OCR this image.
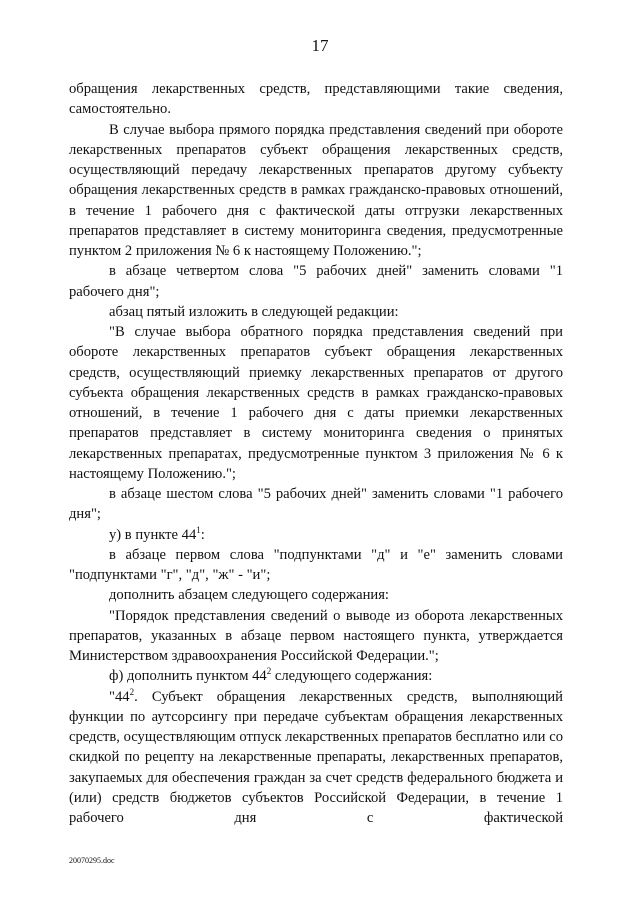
17

обращения лекарственных средств, представляющими такие сведения, самостоятельно.

В случае выбора прямого порядка представления сведений при обороте лекарственных препаратов субъект обращения лекарственных средств, осуществляющий передачу лекарственных препаратов другому субъекту обращения лекарственных средств в рамках гражданско-правовых отношений, в течение 1 рабочего дня с фактической даты отгрузки лекарственных препаратов представляет в систему мониторинга сведения, предусмотренные пунктом 2 приложения № 6 к настоящему Положению.";

в абзаце четвертом слова "5 рабочих дней" заменить словами "1 рабочего дня";

абзац пятый изложить в следующей редакции:

"В случае выбора обратного порядка представления сведений при обороте лекарственных препаратов субъект обращения лекарственных средств, осуществляющий приемку лекарственных препаратов от другого субъекта обращения лекарственных средств в рамках гражданско-правовых отношений, в течение 1 рабочего дня с даты приемки лекарственных препаратов представляет в систему мониторинга сведения о принятых лекарственных препаратах, предусмотренные пунктом 3 приложения № 6 к настоящему Положению.";

в абзаце шестом слова "5 рабочих дней" заменить словами "1 рабочего дня";

у) в пункте $44^1$:

в абзаце первом слова "подпунктами "д" и "е" заменить словами "подпунктами "г", "д", "ж" - "и";

дополнить абзацем следующего содержания:

"Порядок представления сведений о выводе из оборота лекарственных препаратов, указанных в абзаце первом настоящего пункта, утверждается Министерством здравоохранения Российской Федерации.";

ф) дополнить пунктом $44^2$ следующего содержания:

"$44^2$. Субъект обращения лекарственных средств, выполняющий функции по аутсорсингу при передаче субъектам обращения лекарственных средств, осуществляющим отпуск лекарственных препаратов бесплатно или со скидкой по рецепту на лекарственные препараты, лекарственных препаратов, закупаемых для обеспечения граждан за счет средств федерального бюджета и (или) средств бюджетов субъектов Российской Федерации, в течение 1 рабочего дня с фактической

20070295.doc
